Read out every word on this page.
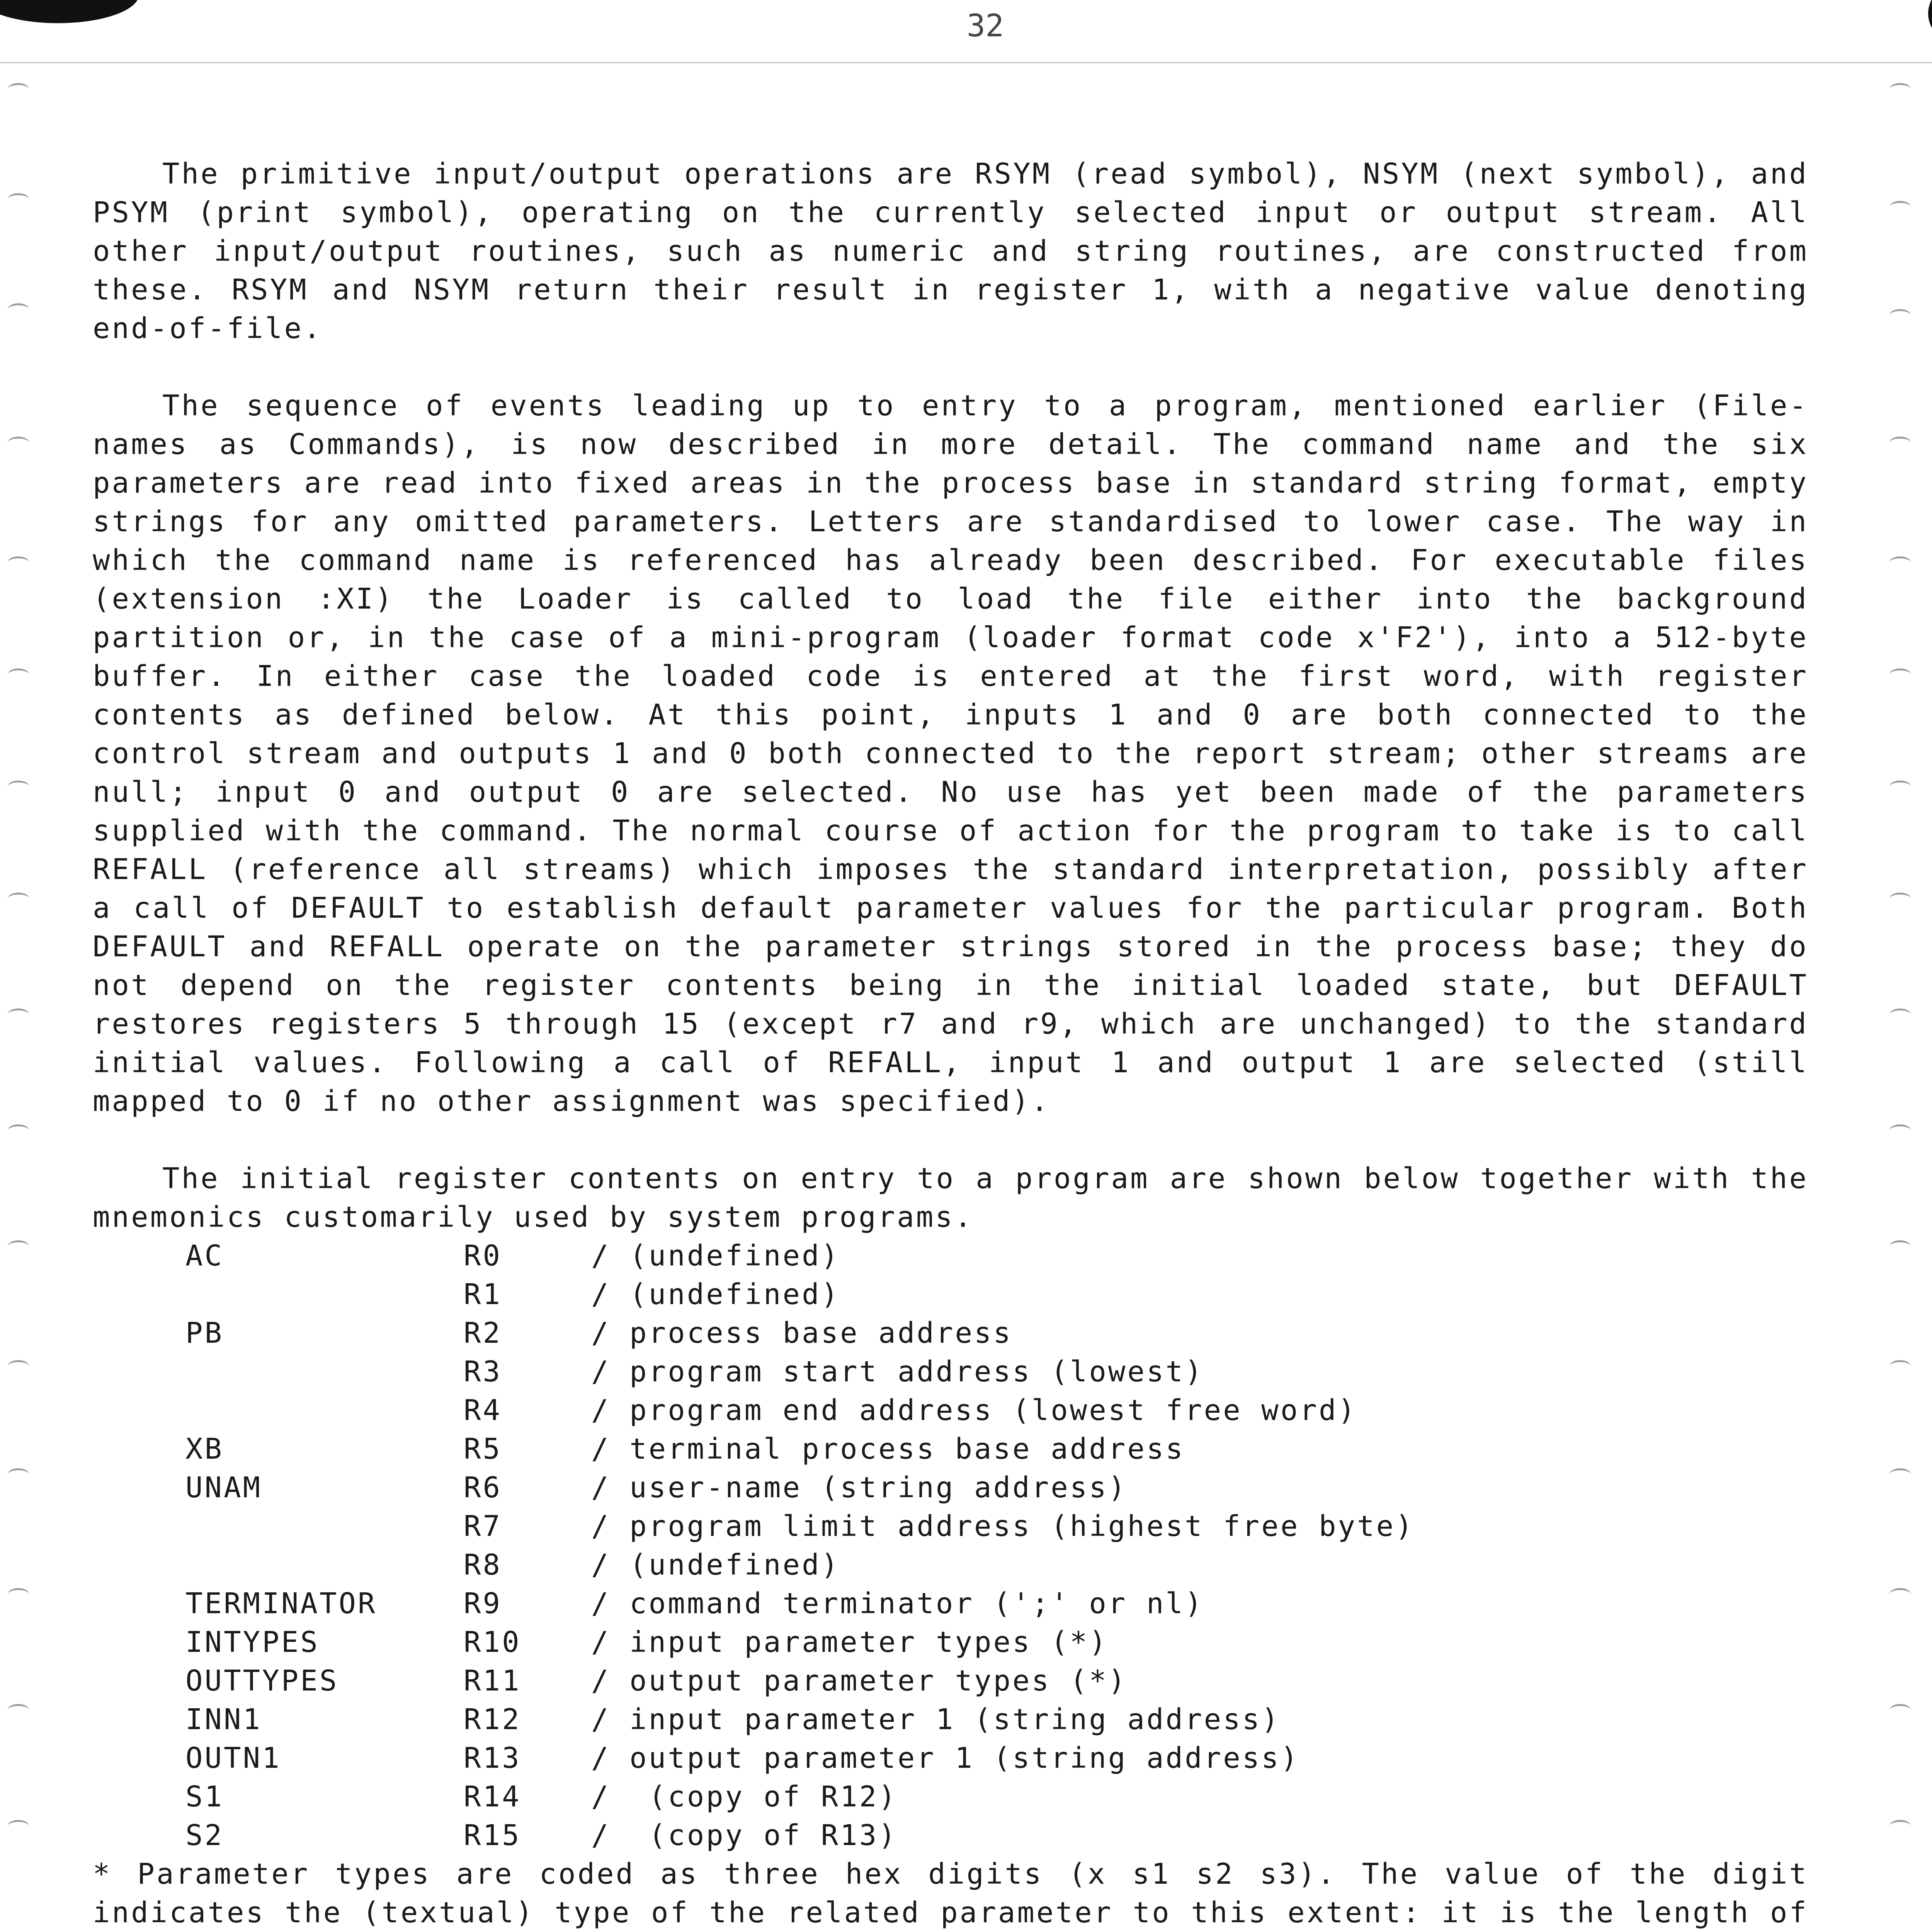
32

The primitive input/output operations are RSYM (read symbol), NSYM (next symbol), and PSYM (print symbol), operating on the currently selected input or output stream. All other input/output routines, such as numeric and string routines, are constructed from these. RSYM and NSYM return their result in register 1, with a negative value denoting end-of-file.

The sequence of events leading up to entry to a program, mentioned earlier (File-names as Commands), is now described in more detail. The command name and the six parameters are read into fixed areas in the process base in standard string format, empty strings for any omitted parameters. Letters are standardised to lower case. The way in which the command name is referenced has already been described. For executable files (extension :XI) the Loader is called to load the file either into the background partition or, in the case of a mini-program (loader format code x'F2'), into a 512-byte buffer. In either case the loaded code is entered at the first word, with register contents as defined below. At this point, inputs 1 and 0 are both connected to the control stream and outputs 1 and 0 both connected to the report stream; other streams are null; input 0 and output 0 are selected. No use has yet been made of the parameters supplied with the command. The normal course of action for the program to take is to call REFALL (reference all streams) which imposes the standard interpretation, possibly after a call of DEFAULT to establish default parameter values for the particular program. Both DEFAULT and REFALL operate on the parameter strings stored in the process base; they do not depend on the register contents being in the initial loaded state, but DEFAULT restores registers 5 through 15 (except r7 and r9, which are unchanged) to the standard initial values. Following a call of REFALL, input 1 and output 1 are selected (still mapped to 0 if no other assignment was specified).

The initial register contents on entry to a program are shown below together with the mnemonics customarily used by system programs.

AC	R0	/ (undefined)
	R1	/ (undefined)
PB	R2	/ process base address
	R3	/ program start address (lowest)
	R4	/ program end address (lowest free word)
XB	R5	/ terminal process base address
UNAM	R6	/ user-name (string address)
	R7	/ program limit address (highest free byte)
	R8	/ (undefined)
TERMINATOR	R9	/ command terminator (';' or nl)
INTYPES	R10	/ input parameter types (*)
OUTTYPES	R11	/ output parameter types (*)
INN1	R12	/ input parameter 1 (string address)
OUTN1	R13	/ output parameter 1 (string address)
S1	R14	/  (copy of R12)
S2	R15	/  (copy of R13)

* Parameter types are coded as three hex digits (x s1 s2 s3). The value of the digit indicates the (textual) type of the related parameter to this extent: it is the length of
